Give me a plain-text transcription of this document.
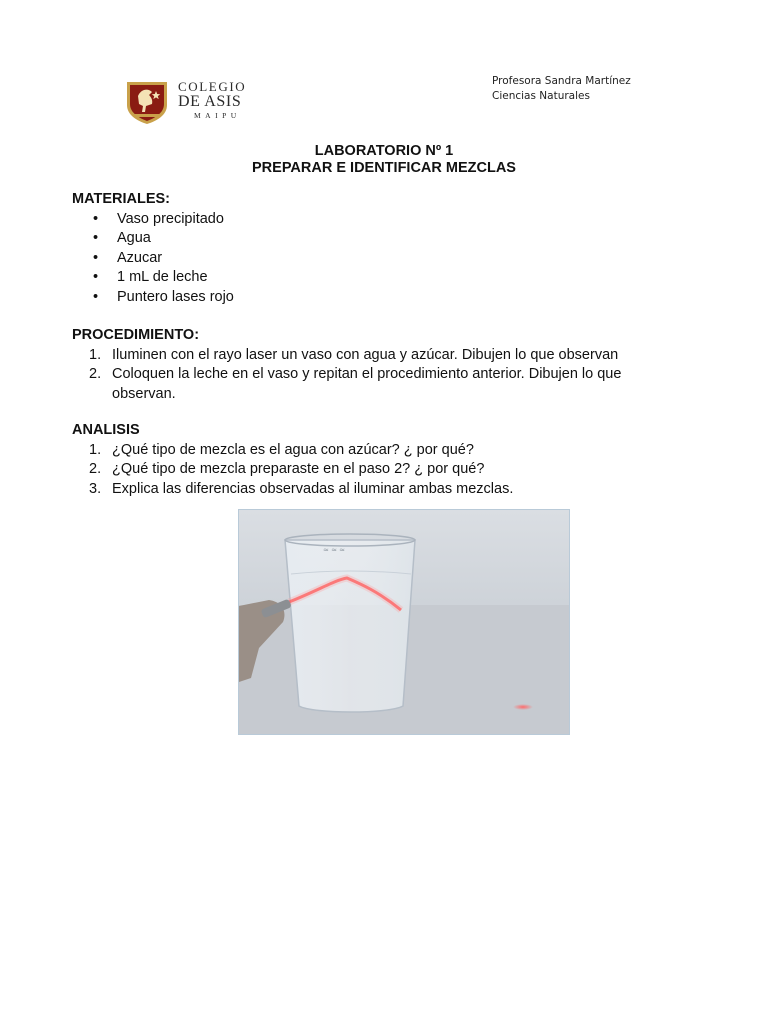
COLEGIO
DE ASIS
MAIPU
Profesora Sandra Martínez
Ciencias Naturales
LABORATORIO Nº 1
PREPARAR E IDENTIFICAR MEZCLAS
MATERIALES:
• Vaso precipitado
• Agua
• Azucar
• 1 mL de leche
• Puntero lases rojo
PROCEDIMIENTO:
1. Iluminen con el rayo laser un vaso con agua y azúcar. Dibujen lo que observan
2. Coloquen la leche en el vaso y repitan el procedimiento anterior. Dibujen lo que observan.
ANALISIS
1. ¿Qué tipo de mezcla es el agua con azúcar? ¿ por qué?
2. ¿Qué tipo de mezcla preparaste en el paso 2? ¿ por qué?
3. Explica las diferencias observadas al iluminar ambas mezclas.
≈ ≈ ≈
